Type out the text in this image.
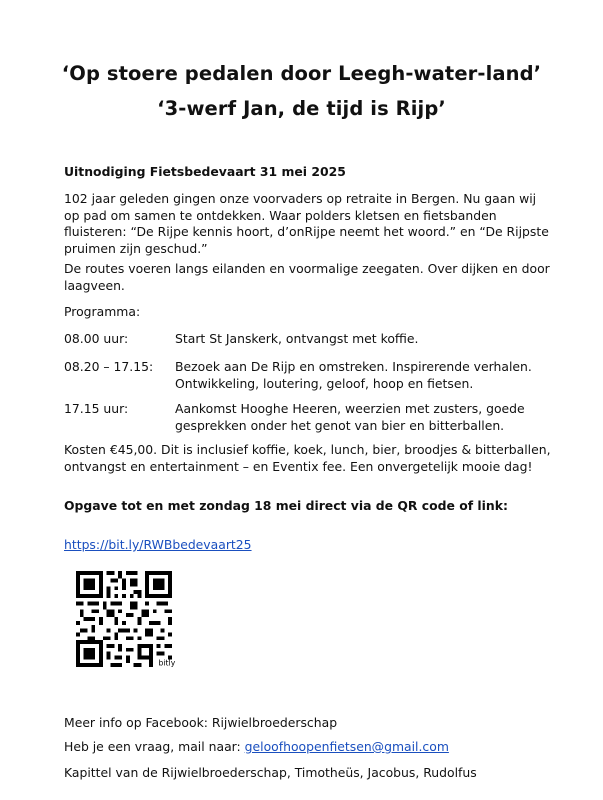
‘Op stoere pedalen door Leegh-water-land’
‘3-werf Jan, de tijd is Rijp’

Uitnodiging Fietsbedevaart 31 mei 2025

102 jaar geleden gingen onze voorvaders op retraite in Bergen. Nu gaan wij op pad om samen te ontdekken. Waar polders kletsen en fietsbanden fluisteren: “De Rijpe kennis hoort, d’onRijpe neemt het woord.” en “De Rijpste pruimen zijn geschud.”

De routes voeren langs eilanden en voormalige zeegaten. Over dijken en door laagveen.

Programma:

08.00 uur:	Start St Janskerk, ontvangst met koffie.
08.20 – 17.15: Bezoek aan De Rijp en omstreken. Inspirerende verhalen. Ontwikkeling, loutering, geloof, hoop en fietsen.
17.15 uur:	Aankomst Hooghe Heeren, weerzien met zusters, goede gesprekken onder het genot van bier en bitterballen.

Kosten €45,00. Dit is inclusief koffie, koek, lunch, bier, broodjes & bitterballen, ontvangst en entertainment – en Eventix fee. Een onvergetelijk mooie dag!

Opgave tot en met zondag 18 mei direct via de QR code of link:

https://bit.ly/RWBbedevaart25
bitly

Meer info op Facebook: Rijwielbroederschap

Heb je een vraag, mail naar: geloofhoopenfietsen@gmail.com

Kapittel van de Rijwielbroederschap, Timotheüs, Jacobus, Rudolfus
